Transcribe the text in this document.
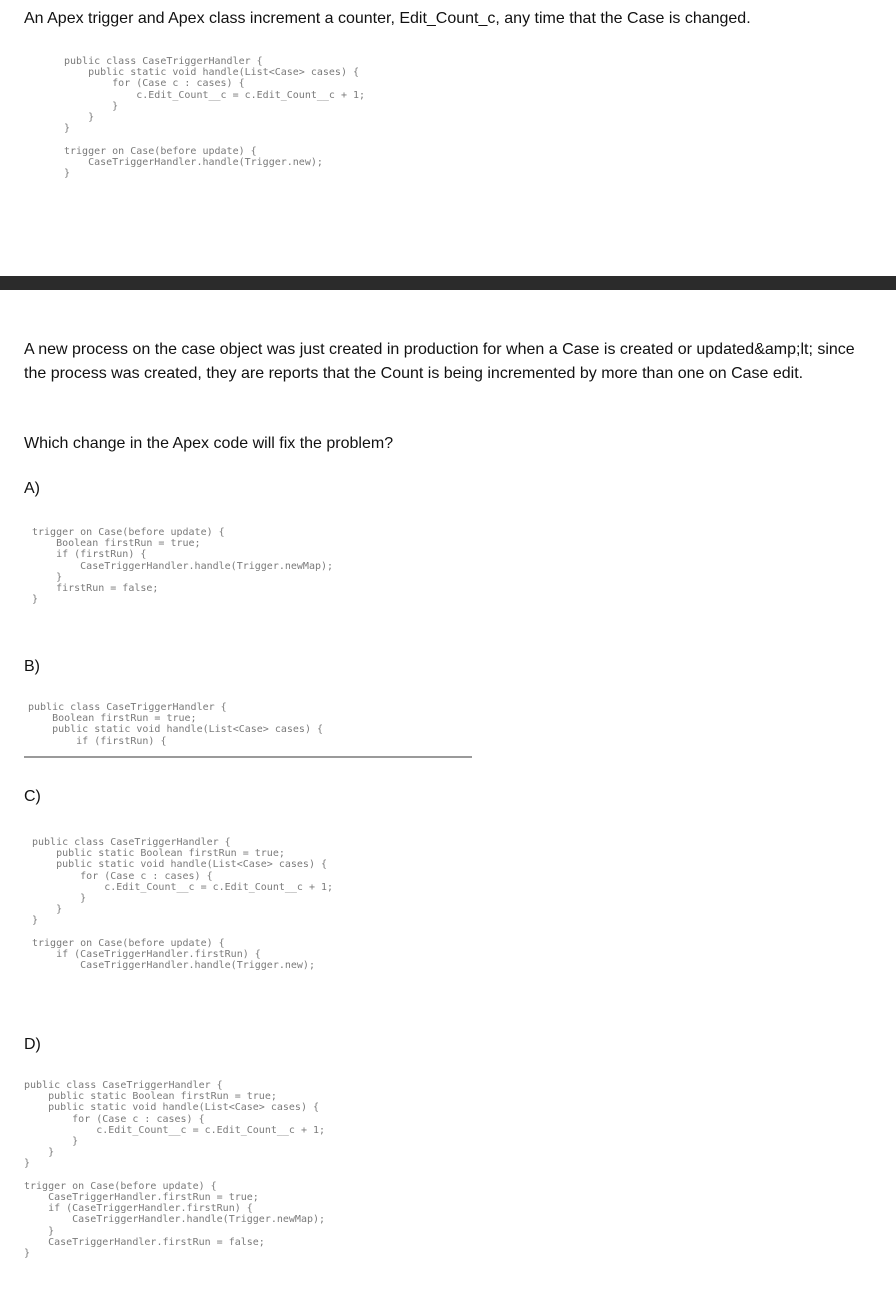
An Apex trigger and Apex class increment a counter, Edit_Count_c, any time that the Case is changed.
public class CaseTriggerHandler {
public static void handle(List<Case> cases) {
for (Case c : cases) {
c.Edit_Count__c = c.Edit_Count__c + 1;
}
}
}

trigger on Case(before update) {
CaseTriggerHandler.handle(Trigger.new);
}
A new process on the case object was just created in production for when a Case is created or updated&amp;lt; since the process was created, they are reports that the Count is being incremented by more than one on Case edit.
Which change in the Apex code will fix the problem?
A)
trigger on Case(before update) {
Boolean firstRun = true;
if (firstRun) {
CaseTriggerHandler.handle(Trigger.newMap);
}
firstRun = false;
}
B)
public class CaseTriggerHandler {
Boolean firstRun = true;
public static void handle(List<Case> cases) {
if (firstRun) {
C)
public class CaseTriggerHandler {
public static Boolean firstRun = true;
public static void handle(List<Case> cases) {
for (Case c : cases) {
c.Edit_Count__c = c.Edit_Count__c + 1;
}
}
}

trigger on Case(before update) {
if (CaseTriggerHandler.firstRun) {
CaseTriggerHandler.handle(Trigger.new);
D)
public class CaseTriggerHandler {
public static Boolean firstRun = true;
public static void handle(List<Case> cases) {
for (Case c : cases) {
c.Edit_Count__c = c.Edit_Count__c + 1;
}
}
}

trigger on Case(before update) {
CaseTriggerHandler.firstRun = true;
if (CaseTriggerHandler.firstRun) {
CaseTriggerHandler.handle(Trigger.newMap);
}
CaseTriggerHandler.firstRun = false;
}
